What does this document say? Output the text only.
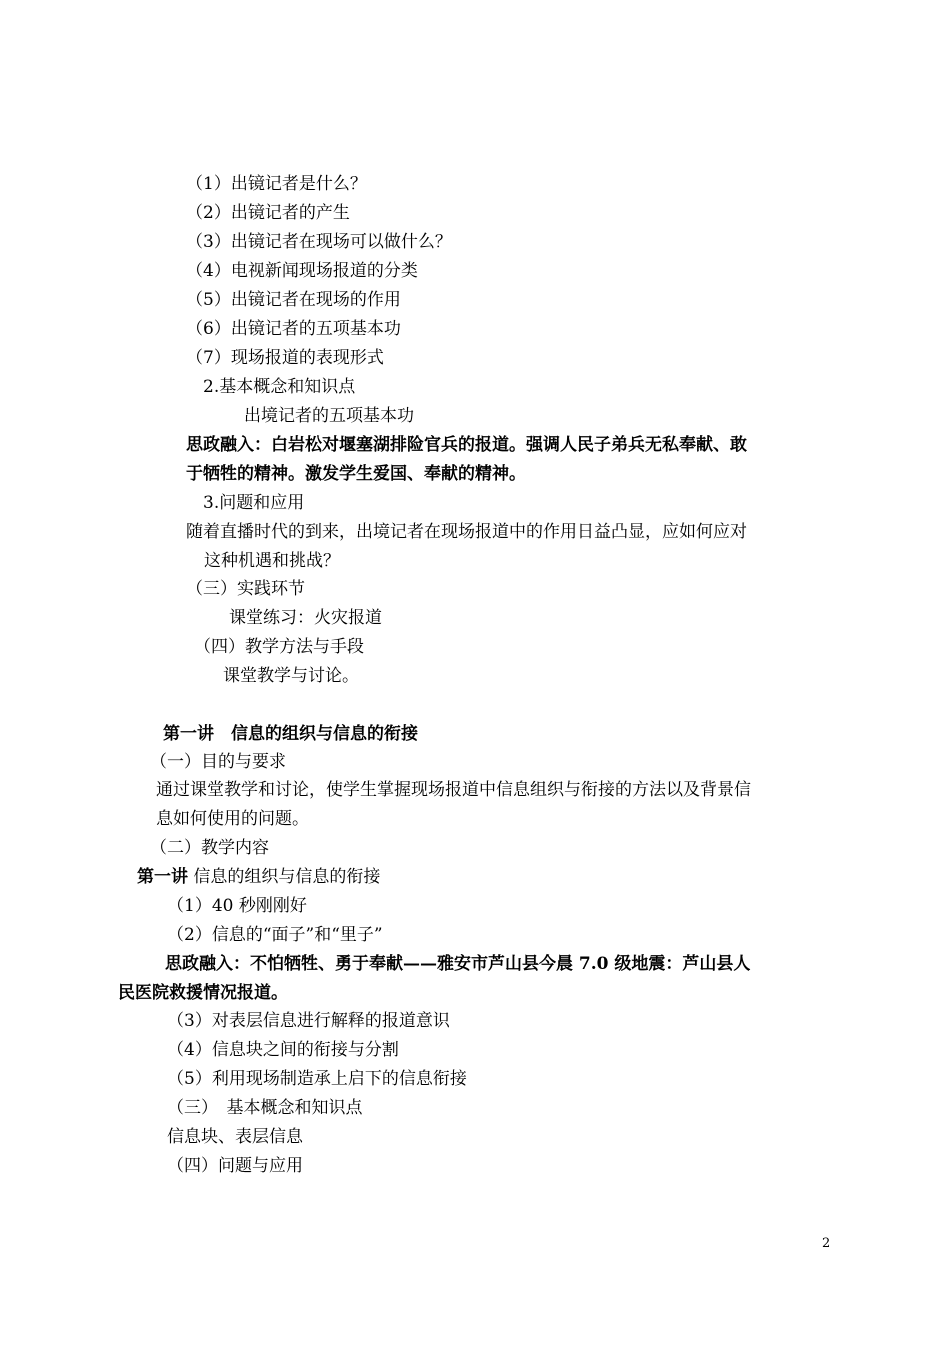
（1）出镜记者是什么？
（2）出镜记者的产生
（3）出镜记者在现场可以做什么？
（4）电视新闻现场报道的分类
（5）出镜记者在现场的作用
（6）出镜记者的五项基本功
（7）现场报道的表现形式
2.基本概念和知识点
出境记者的五项基本功
思政融入：白岩松对堰塞湖排险官兵的报道。强调人民子弟兵无私奉献、敢
于牺牲的精神。激发学生爱国、奉献的精神。
3.问题和应用
随着直播时代的到来，出境记者在现场报道中的作用日益凸显，应如何应对
这种机遇和挑战？
（三）实践环节
课堂练习：火灾报道
（四）教学方法与手段
课堂教学与讨论。
第一讲　信息的组织与信息的衔接
（一）目的与要求
通过课堂教学和讨论，使学生掌握现场报道中信息组织与衔接的方法以及背景信
息如何使用的问题。
（二）教学内容
第一讲 信息的组织与信息的衔接
（1）40 秒刚刚好
（2）信息的“面子”和“里子”
思政融入：不怕牺牲、勇于奉献——雅安市芦山县今晨 7.0 级地震：芦山县人
民医院救援情况报道。
（3）对表层信息进行解释的报道意识
（4）信息块之间的衔接与分割
（5）利用现场制造承上启下的信息衔接
（三）　基本概念和知识点
信息块、表层信息
（四）问题与应用
2
